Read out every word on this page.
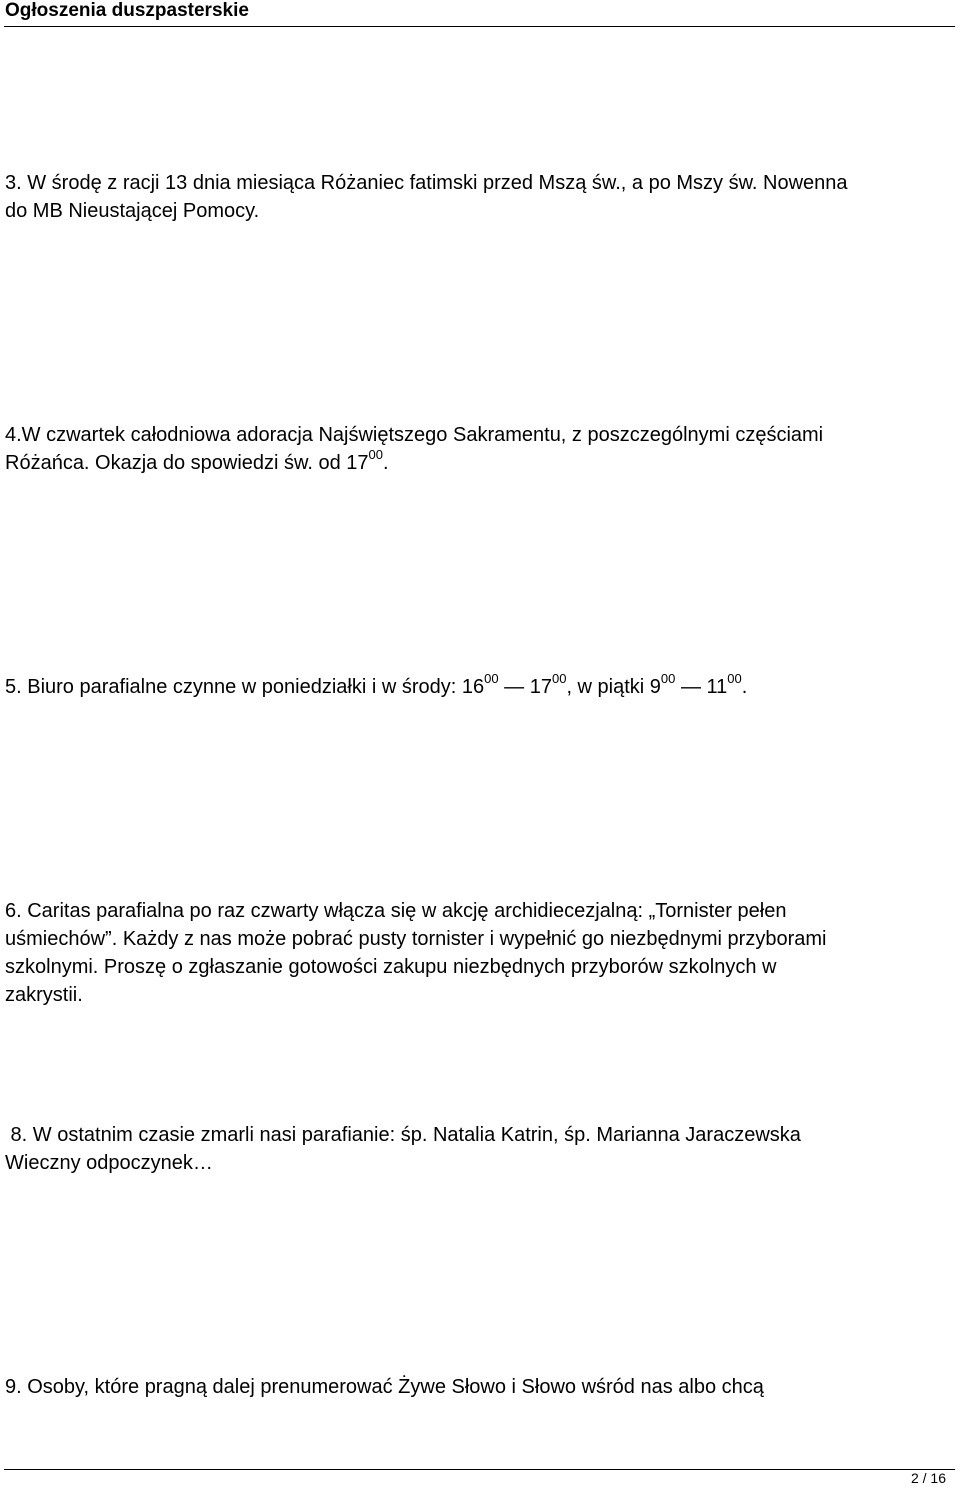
Ogłoszenia duszpasterskie
3. W środę z racji 13 dnia miesiąca Różaniec fatimski przed Mszą św., a po Mszy św. Nowenna
do MB Nieustającej Pomocy.
4.W czwartek całodniowa adoracja Najświętszego Sakramentu, z poszczególnymi częściami
Różańca. Okazja do spowiedzi św. od $17^{00}$.
5. Biuro parafialne czynne w poniedziałki i w środy: $16^{00}$ — $17^{00}$, w piątki $9^{00}$ — $11^{00}$.
6. Caritas parafialna po raz czwarty włącza się w akcję archidiecezjalną: „Tornister pełen
uśmiechów”. Każdy z nas może pobrać pusty tornister i wypełnić go niezbędnymi przyborami
szkolnymi. Proszę o zgłaszanie gotowości zakupu niezbędnych przyborów szkolnych w
zakrystii.
8. W ostatnim czasie zmarli nasi parafianie: śp. Natalia Katrin, śp. Marianna Jaraczewska
Wieczny odpoczynek…
9. Osoby, które pragną dalej prenumerować Żywe Słowo i Słowo wśród nas albo chcą

2 / 16
